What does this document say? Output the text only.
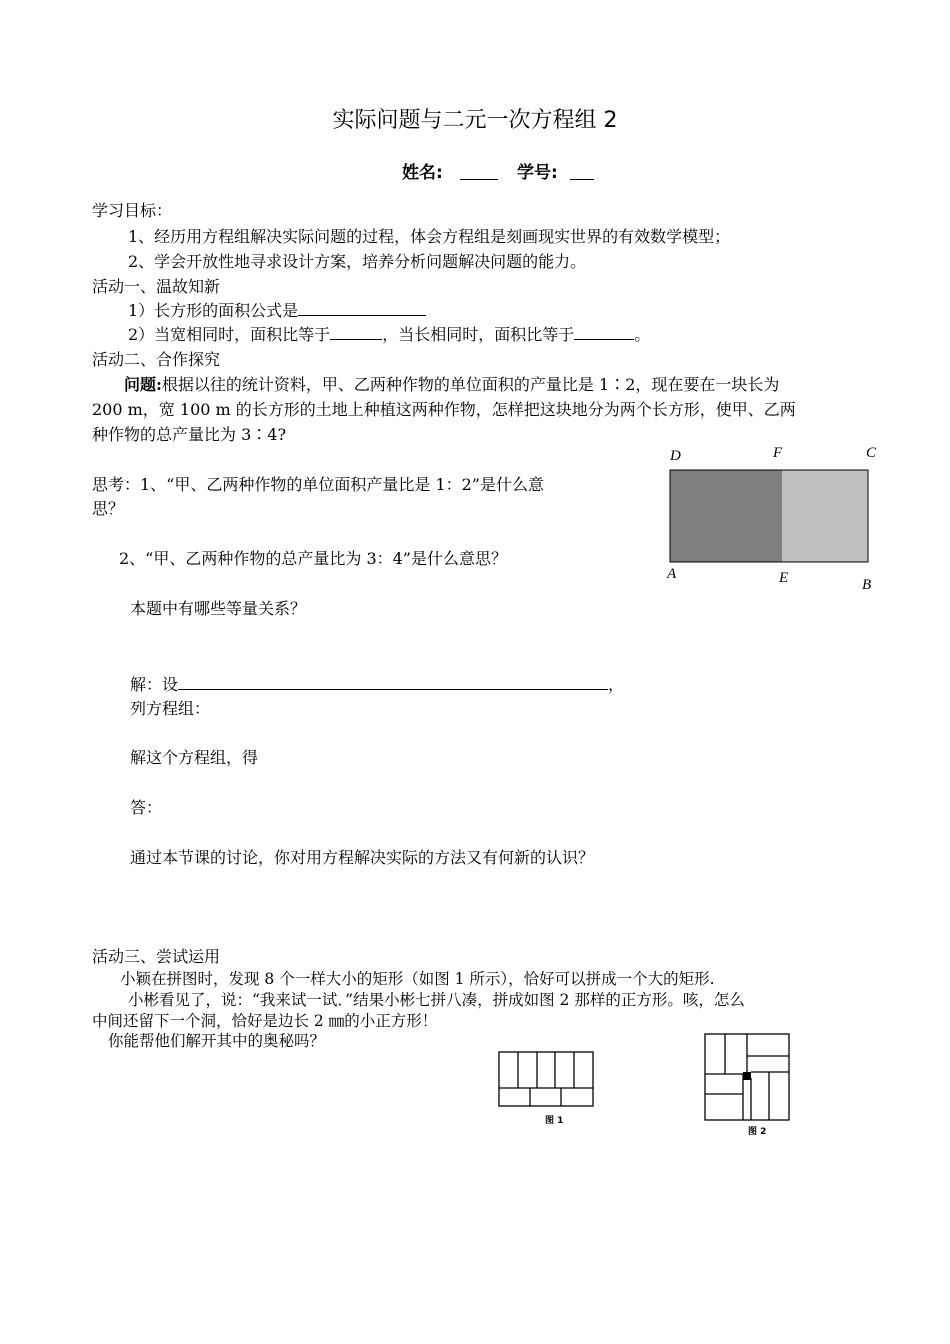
实际问题与二元一次方程组 2
姓名:	学号:
学习目标：
1、经历用方程组解决实际问题的过程，体会方程组是刻画现实世界的有效数学模型；
2、学会开放性地寻求设计方案，培养分析问题解决问题的能力。
活动一、温故知新
1）长方形的面积公式是
2）当宽相同时，面积比等于	，当长相同时，面积比等于	。
活动二、合作探究
问题:根据以往的统计资料，甲、乙两种作物的单位面积的产量比是 1∶2，现在要在一块长为
200 m，宽 100 m 的长方形的土地上种植这两种作物，怎样把这块地分为两个长方形，使甲、乙两
种作物的总产量比为 3∶4?
思考：1、“甲、乙两种作物的单位面积产量比是 1：2”是什么意
思？
2、“甲、乙两种作物的总产量比为 3：4”是什么意思？
本题中有哪些等量关系？
D	F	C
A	E	B
解：设	，
列方程组：
解这个方程组，得
答：
通过本节课的讨论，你对用方程解决实际的方法又有何新的认识？
活动三、尝试运用
小颖在拼图时，发现 8 个一样大小的矩形（如图 1 所示），恰好可以拼成一个大的矩形.
小彬看见了，说：“我来试一试．”结果小彬七拼八凑，拼成如图 2 那样的正方形。咳，怎么
中间还留下一个洞，恰好是边长 2 ㎜的小正方形！
你能帮他们解开其中的奥秘吗？
图 1
图 2
